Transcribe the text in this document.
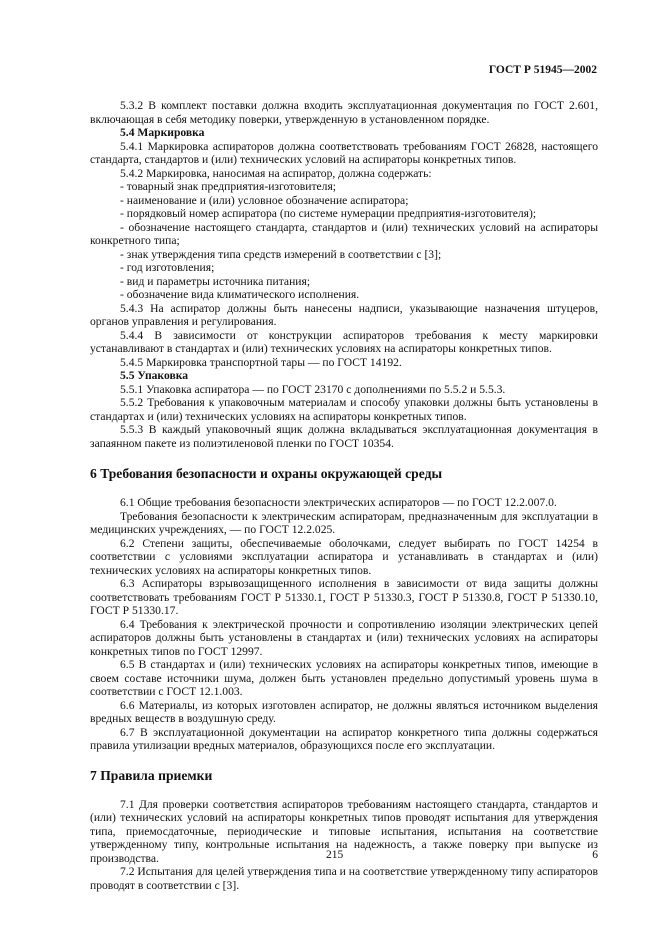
ГОСТ Р 51945—2002

5.3.2 В комплект поставки должна входить эксплуатационная документация по ГОСТ 2.601, включающая в себя методику поверки, утвержденную в установленном порядке.

5.4 Маркировка

5.4.1 Маркировка аспираторов должна соответствовать требованиям ГОСТ 26828, настоящего стандарта, стандартов и (или) технических условий на аспираторы конкретных типов.

5.4.2 Маркировка, наносимая на аспиратор, должна содержать:

- товарный знак предприятия-изготовителя;

- наименование и (или) условное обозначение аспиратора;

- порядковый номер аспиратора (по системе нумерации предприятия-изготовителя);

- обозначение настоящего стандарта, стандартов и (или) технических условий на аспираторы конкретного типа;

- знак утверждения типа средств измерений в соответствии с [3];

- год изготовления;

- вид и параметры источника питания;

- обозначение вида климатического исполнения.

5.4.3 На аспиратор должны быть нанесены надписи, указывающие назначения штуцеров, органов управления и регулирования.

5.4.4 В зависимости от конструкции аспираторов требования к месту маркировки устанавливают в стандартах и (или) технических условиях на аспираторы конкретных типов.

5.4.5 Маркировка транспортной тары — по ГОСТ 14192.

5.5 Упаковка

5.5.1 Упаковка аспиратора — по ГОСТ 23170 с дополнениями по 5.5.2 и 5.5.3.

5.5.2 Требования к упаковочным материалам и способу упаковки должны быть установлены в стандартах и (или) технических условиях на аспираторы конкретных типов.

5.5.3 В каждый упаковочный ящик должна вкладываться эксплуатационная документация в запаянном пакете из полиэтиленовой пленки по ГОСТ 10354.

6 Требования безопасности и охраны окружающей среды

6.1 Общие требования безопасности электрических аспираторов — по ГОСТ 12.2.007.0.

Требования безопасности к электрическим аспираторам, предназначенным для эксплуатации в медицинских учреждениях, — по ГОСТ 12.2.025.

6.2 Степени защиты, обеспечиваемые оболочками, следует выбирать по ГОСТ 14254 в соответствии с условиями эксплуатации аспиратора и устанавливать в стандартах и (или) технических условиях на аспираторы конкретных типов.

6.3 Аспираторы взрывозащищенного исполнения в зависимости от вида защиты должны соответствовать требованиям ГОСТ Р 51330.1, ГОСТ Р 51330.3, ГОСТ Р 51330.8, ГОСТ Р 51330.10, ГОСТ Р 51330.17.

6.4 Требования к электрической прочности и сопротивлению изоляции электрических цепей аспираторов должны быть установлены в стандартах и (или) технических условиях на аспираторы конкретных типов по ГОСТ 12997.

6.5 В стандартах и (или) технических условиях на аспираторы конкретных типов, имеющие в своем составе источники шума, должен быть установлен предельно допустимый уровень шума в соответствии с ГОСТ 12.1.003.

6.6 Материалы, из которых изготовлен аспиратор, не должны являться источником выделения вредных веществ в воздушную среду.

6.7 В эксплуатационной документации на аспиратор конкретного типа должны содержаться правила утилизации вредных материалов, образующихся после его эксплуатации.

7 Правила приемки

7.1 Для проверки соответствия аспираторов требованиям настоящего стандарта, стандартов и (или) технических условий на аспираторы конкретных типов проводят испытания для утверждения типа, приемосдаточные, периодические и типовые испытания, испытания на соответствие утвержденному типу, контрольные испытания на надежность, а также поверку при выпуске из производства.

7.2 Испытания для целей утверждения типа и на соответствие утвержденному типу аспираторов проводят в соответствии с [3].

215	6
